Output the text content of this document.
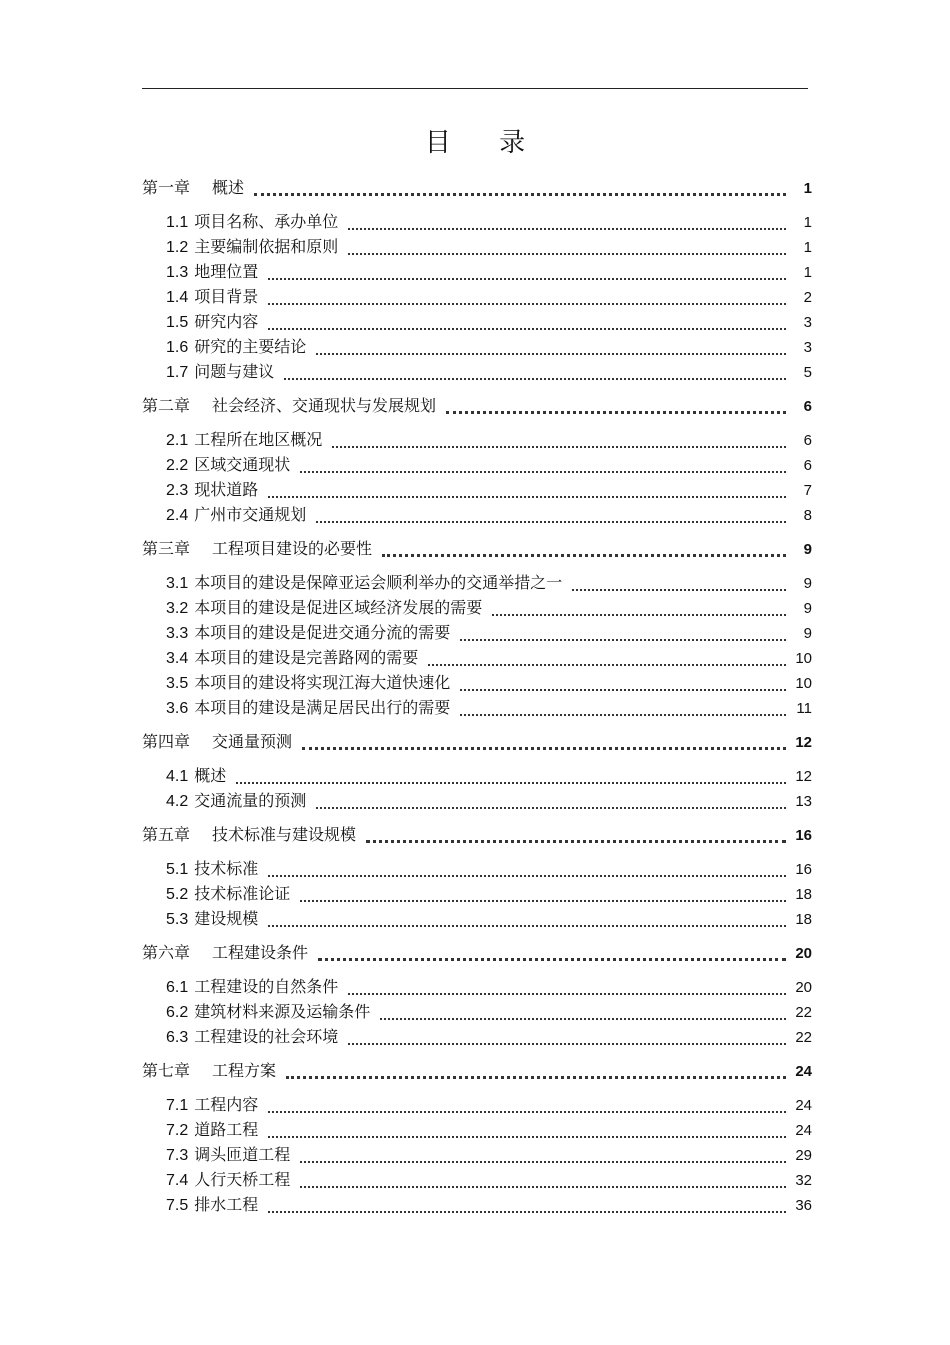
目 录
第一章 概述	1
1.1 项目名称、承办单位	1
1.2 主要编制依据和原则	1
1.3 地理位置	1
1.4 项目背景	2
1.5 研究内容	3
1.6 研究的主要结论	3
1.7 问题与建议	5
第二章 社会经济、交通现状与发展规划	6
2.1 工程所在地区概况	6
2.2 区域交通现状	6
2.3 现状道路	7
2.4 广州市交通规划	8
第三章 工程项目建设的必要性	9
3.1 本项目的建设是保障亚运会顺利举办的交通举措之一	9
3.2 本项目的建设是促进区域经济发展的需要	9
3.3 本项目的建设是促进交通分流的需要	9
3.4 本项目的建设是完善路网的需要	10
3.5 本项目的建设将实现江海大道快速化	10
3.6 本项目的建设是满足居民出行的需要	11
第四章 交通量预测	12
4.1 概述	12
4.2 交通流量的预测	13
第五章 技术标准与建设规模	16
5.1 技术标准	16
5.2 技术标准论证	18
5.3 建设规模	18
第六章 工程建设条件	20
6.1 工程建设的自然条件	20
6.2 建筑材料来源及运输条件	22
6.3 工程建设的社会环境	22
第七章 工程方案	24
7.1 工程内容	24
7.2 道路工程	24
7.3 调头匝道工程	29
7.4 人行天桥工程	32
7.5 排水工程	36
